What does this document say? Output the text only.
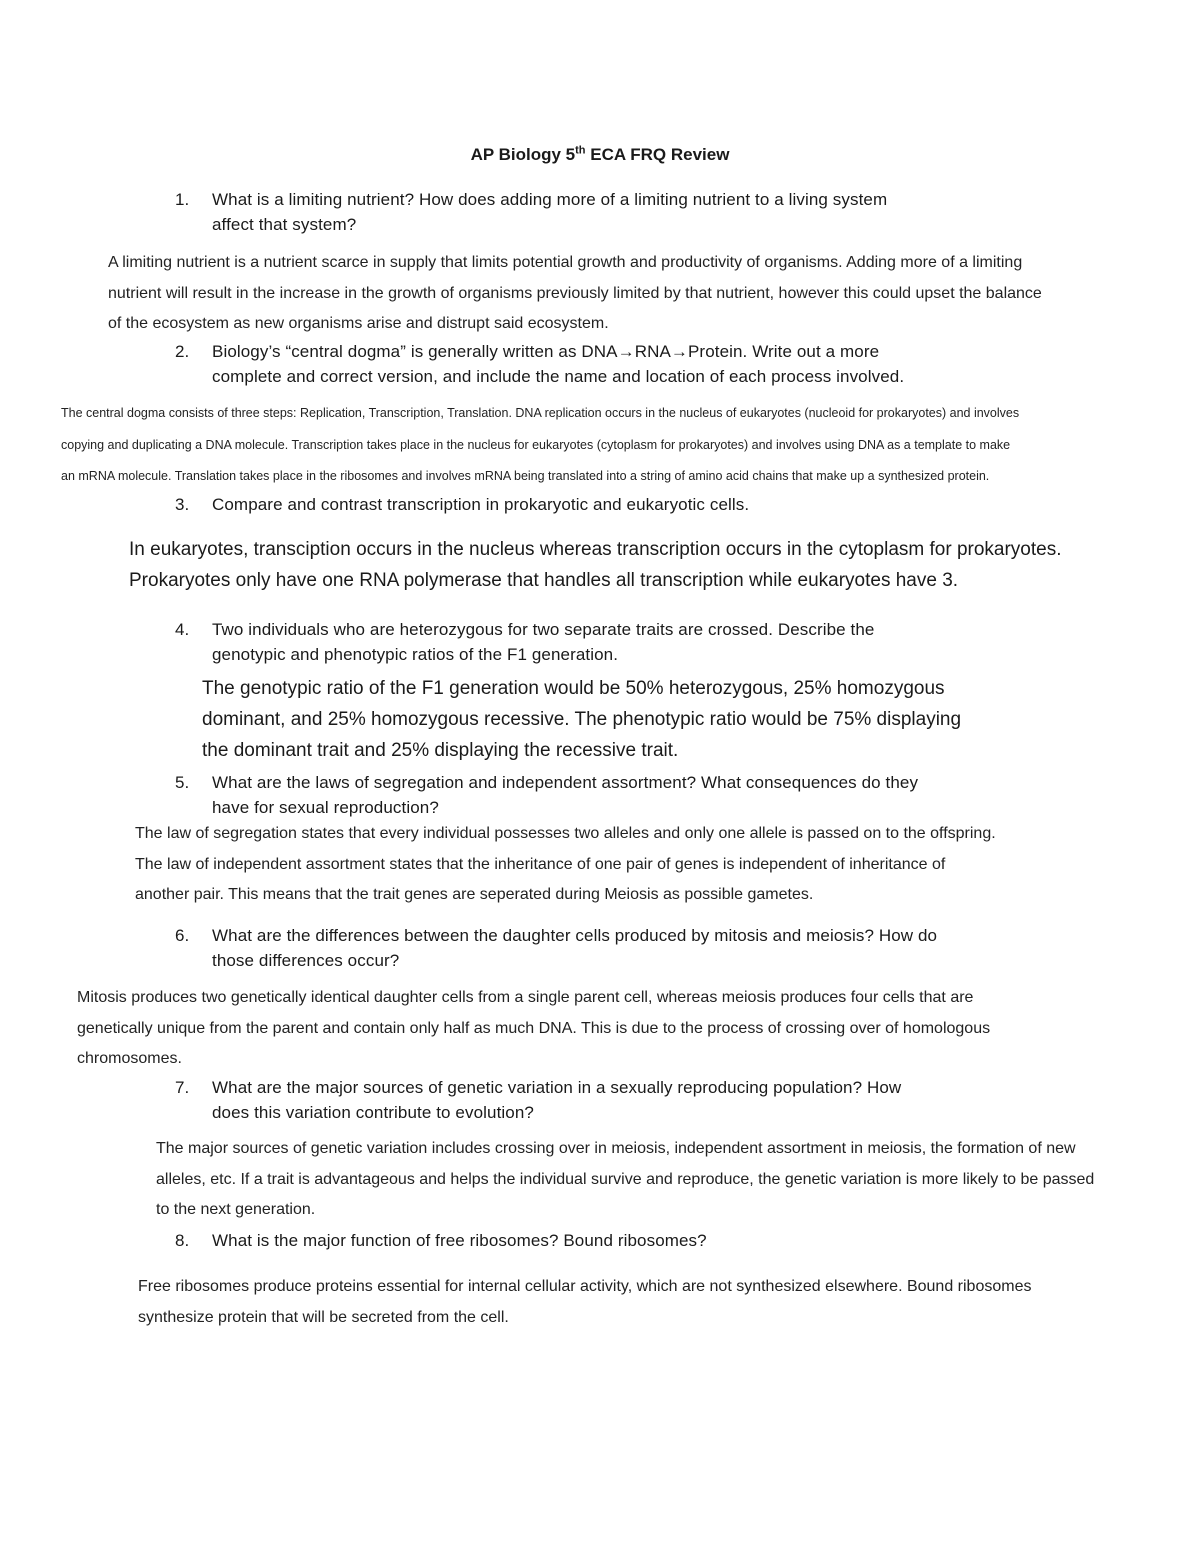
AP Biology 5th ECA FRQ Review
1. What is a limiting nutrient? How does adding more of a limiting nutrient to a living system
affect that system?
A limiting nutrient is a nutrient scarce in supply that limits potential growth and productivity of organisms. Adding more of a limiting
nutrient will result in the increase in the growth of organisms previously limited by that nutrient, however this could upset the balance
of the ecosystem as new organisms arise and distrupt said ecosystem.
2. Biology’s “central dogma” is generally written as DNA→RNA→Protein. Write out a more
complete and correct version, and include the name and location of each process involved.
The central dogma consists of three steps: Replication, Transcription, Translation. DNA replication occurs in the nucleus of eukaryotes (nucleoid for prokaryotes) and involves
copying and duplicating a DNA molecule. Transcription takes place in the nucleus for eukaryotes (cytoplasm for prokaryotes) and involves using DNA as a template to make
an mRNA molecule. Translation takes place in the ribosomes and involves mRNA being translated into a string of amino acid chains that make up a synthesized protein.
3. Compare and contrast transcription in prokaryotic and eukaryotic cells.
In eukaryotes, transciption occurs in the nucleus whereas transcription occurs in the cytoplasm for prokaryotes.
Prokaryotes only have one RNA polymerase that handles all transcription while eukaryotes have 3.
4. Two individuals who are heterozygous for two separate traits are crossed. Describe the
genotypic and phenotypic ratios of the F1 generation.
The genotypic ratio of the F1 generation would be 50% heterozygous, 25% homozygous
dominant, and 25% homozygous recessive. The phenotypic ratio would be 75% displaying
the dominant trait and 25% displaying the recessive trait.
5. What are the laws of segregation and independent assortment? What consequences do they
have for sexual reproduction?
The law of segregation states that every individual possesses two alleles and only one allele is passed on to the offspring.
The law of independent assortment states that the inheritance of one pair of genes is independent of inheritance of
another pair. This means that the trait genes are seperated during Meiosis as possible gametes.
6. What are the differences between the daughter cells produced by mitosis and meiosis? How do
those differences occur?
Mitosis produces two genetically identical daughter cells from a single parent cell, whereas meiosis produces four cells that are
genetically unique from the parent and contain only half as much DNA. This is due to the process of crossing over of homologous
chromosomes.
7. What are the major sources of genetic variation in a sexually reproducing population? How
does this variation contribute to evolution?
The major sources of genetic variation includes crossing over in meiosis, independent assortment in meiosis, the formation of new
alleles, etc. If a trait is advantageous and helps the individual survive and reproduce, the genetic variation is more likely to be passed
to the next generation.
8. What is the major function of free ribosomes? Bound ribosomes?
Free ribosomes produce proteins essential for internal cellular activity, which are not synthesized elsewhere. Bound ribosomes
synthesize protein that will be secreted from the cell.
